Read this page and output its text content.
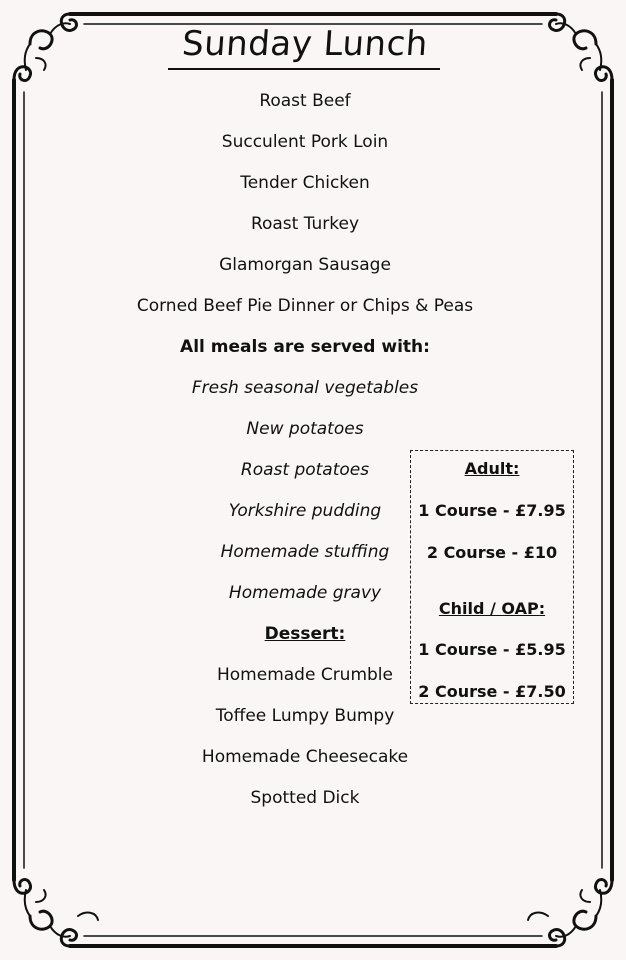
Sunday Lunch
Roast Beef
Succulent Pork Loin
Tender Chicken
Roast Turkey
Glamorgan Sausage
Corned Beef Pie Dinner or Chips & Peas
All meals are served with:
Fresh seasonal vegetables
New potatoes
Roast potatoes
Yorkshire pudding
Homemade stuffing
Homemade gravy
Dessert:
Homemade Crumble
Toffee Lumpy Bumpy
Homemade Cheesecake
Spotted Dick
Adult:
1 Course - £7.95
2 Course - £10
Child / OAP:
1 Course - £5.95
2 Course - £7.50
